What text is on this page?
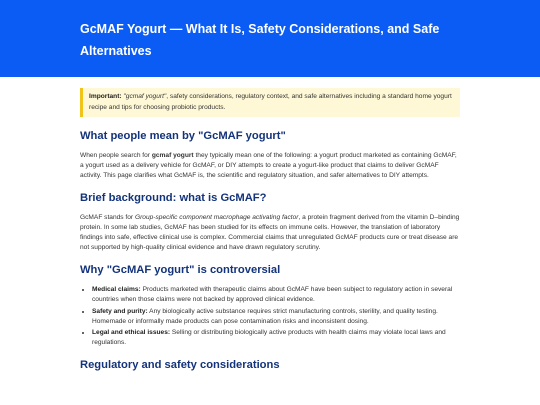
GcMAF Yogurt — What It Is, Safety Considerations, and Safe Alternatives
Important: "gcmaf yogurt", safety considerations, regulatory context, and safe alternatives including a standard home yogurt recipe and tips for choosing probiotic products.
What people mean by "GcMAF yogurt"

When people search for gcmaf yogurt they typically mean one of the following: a yogurt product marketed as containing GcMAF, a yogurt used as a delivery vehicle for GcMAF, or DIY attempts to create a yogurt-like product that claims to deliver GcMAF activity. This page clarifies what GcMAF is, the scientific and regulatory situation, and safer alternatives to DIY attempts.

Brief background: what is GcMAF?

GcMAF stands for Group-specific component macrophage activating factor, a protein fragment derived from the vitamin D–binding protein. In some lab studies, GcMAF has been studied for its effects on immune cells. However, the translation of laboratory findings into safe, effective clinical use is complex. Commercial claims that unregulated GcMAF products cure or treat disease are not supported by high-quality clinical evidence and have drawn regulatory scrutiny.

Why "GcMAF yogurt" is controversial
• Medical claims: Products marketed with therapeutic claims about GcMAF have been subject to regulatory action in several countries when those claims were not backed by approved clinical evidence.
• Safety and purity: Any biologically active substance requires strict manufacturing controls, sterility, and quality testing. Homemade or informally made products can pose contamination risks and inconsistent dosing.
• Legal and ethical issues: Selling or distributing biologically active products with health claims may violate local laws and regulations.
Regulatory and safety considerations
